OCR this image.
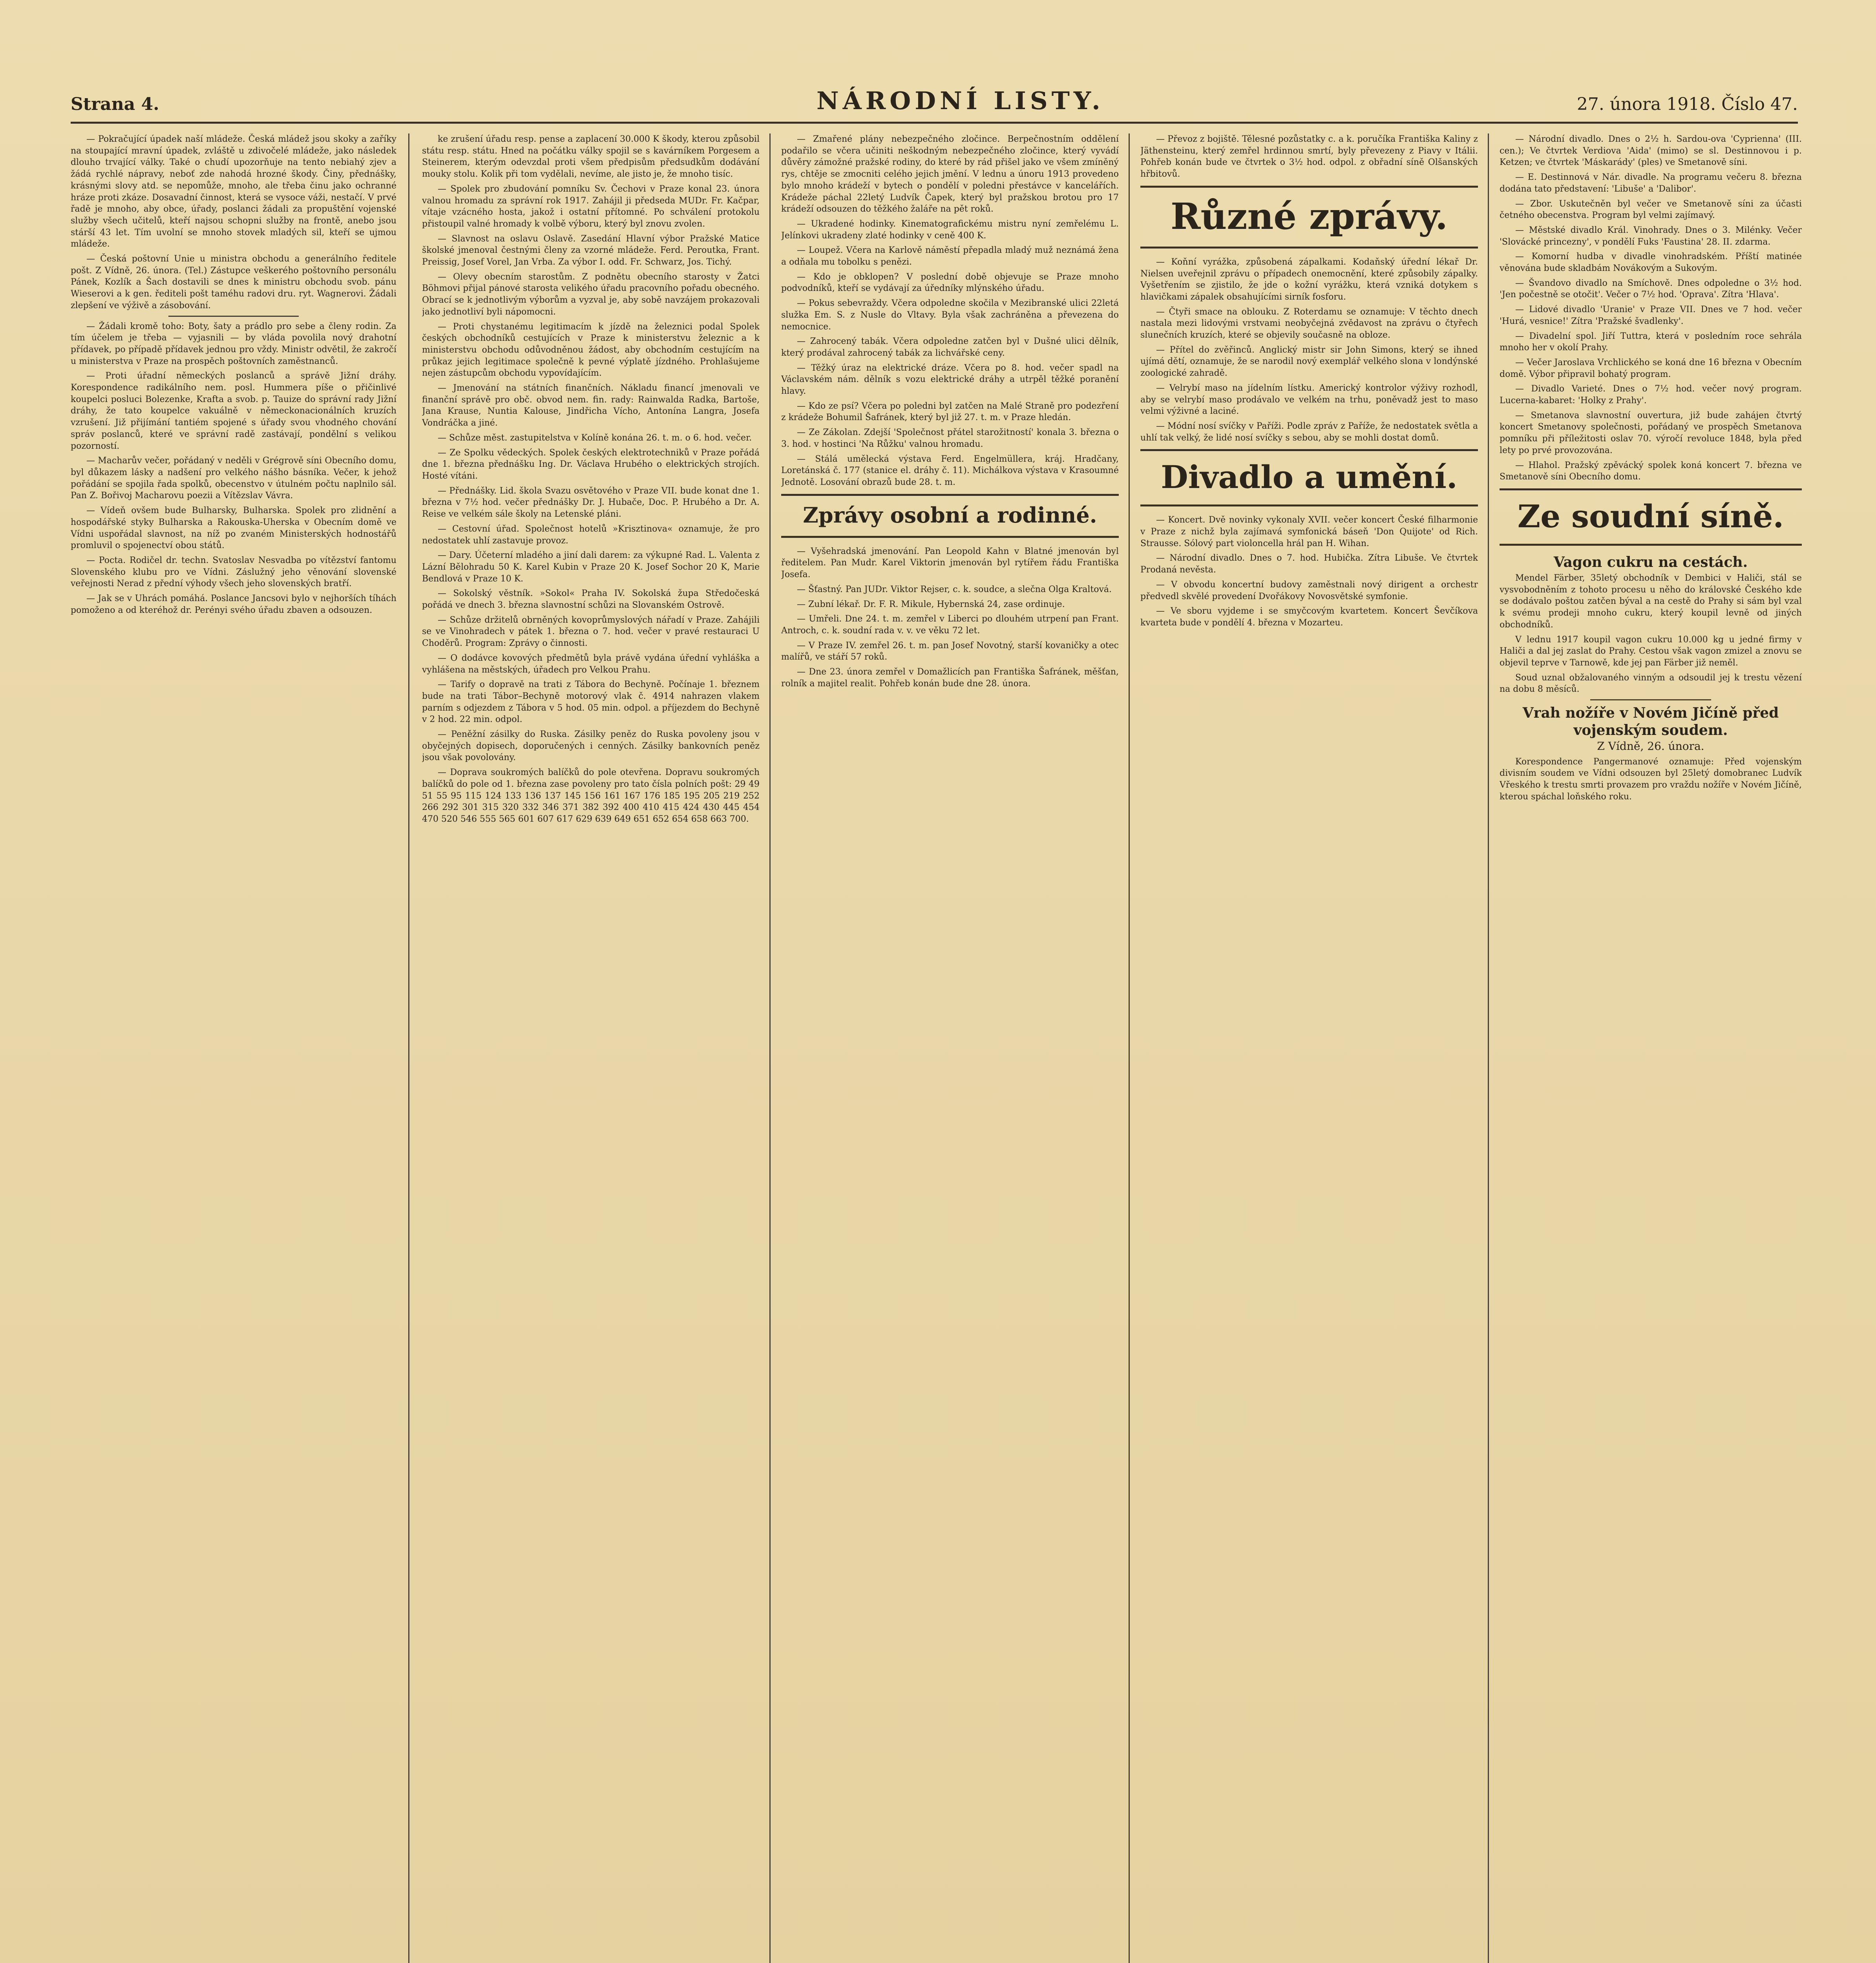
Strana 4.	NÁRODNÍ LISTY.	27. února 1918. Číslo 47.

— Pokračující úpadek naší mládeže. Česká mládež jsou skoky a zaříky na stoupající mravní úpadek, zvláště u zdivočelé mládeže, jako následek dlouho trvající války. Také o chudí upozorňuje na tento nebiahý zjev a žádá rychlé nápravy, neboť zde nahodá hrozné škody. Činy, přednášky, krásnými slovy atd. se nepomůže, mnoho, ale třeba činu jako ochranné hráze proti zkáze. Dosavadní činnost, která se vysoce váži, nestačí. V prvé řadě je mnoho, aby obce, úřady, poslanci žádali za propuštění vojenské služby všech učitelů, kteří najsou schopni služby na frontě, anebo jsou stárší 43 let. Tím uvolní se mnoho stovek mladých sil, kteří se ujmou mládeže.

— Česká poštovní Unie u ministra obchodu a generálního ředitele pošt. Z Vídně, 26. února. (Tel.) Zástupce veškerého poštovního personálu Pánek, Kozlík a Šach dostavili se dnes k ministru obchodu svob. pánu Wieserovi a k gen. řediteli pošt taméhu radovi dru. ryt. Wagnerovi. Žádali zlepšení ve výživě a zásobování.

— Žádali kromě toho: Boty, šaty a prádlo pro sebe a členy rodin. Za tím účelem je třeba — vyjasnili — by vláda povolila nový drahotní přídavek, po případě přídavek jednou pro vždy. Ministr odvětil, že zakročí u ministerstva v Praze na prospěch poštovních zaměstnanců.

— Proti úřadní německých poslanců a správě Jižní dráhy. Korespondence radikálního nem. posl. Hummera píše o přičinlivé koupelci posluci Bolezenke, Krafta a svob. p. Tauize do správní rady Jižní dráhy, že tato koupelce vakuálně v německonacionálních kruzích vzrušení. Již přijímání tantiém spojené s úřady svou vhodného chování správ poslanců, které ve správní radě zastávají, pondělní s velikou pozorností.

— Macharův večer, pořádaný v neděli v Grégrově síni Obecního domu, byl důkazem lásky a nadšení pro velkého nášho básníka. Večer, k jehož pořádání se spojila řada spolků, obecenstvo v útulném počtu naplnilo sál. Pan Z. Bořivoj Macharovu poezii a Vítězslav Vávra.

— Vídeň ovšem bude Bulharsky, Bulharska. Spolek pro zlidnění a hospodářské styky Bulharska a Rakouska-Uherska v Obecním domě ve Vídni uspořádal slavnost, na níž po zvaném Ministerských hodnostářů promluvil o spojenectví obou států.

— Pocta. Rodičel dr. techn. Svatoslav Nesvadba po vítězství fantomu Slovenského klubu pro ve Vídni. Záslužný jeho věnování slovenské veřejnosti Nerad z přední výhody všech jeho slovenských bratří.

— Jak se v Uhrách pomáhá. Poslance Jancsovi bylo v nejhorších tíhách pomoženo a od kteréhož dr. Perényi svého úřadu zbaven a odsouzen.

ke zrušení úřadu resp. pense a zaplacení 30.000 K škody, kterou způsobil státu resp. státu. Hned na počátku války spojil se s kavárníkem Porgesem a Steinerem, kterým odevzdal proti všem předpisům předsudkům dodávání mouky stolu. Kolik při tom vydělali, nevíme, ale jisto je, že mnoho tisíc.

— Spolek pro zbudování pomníku Sv. Čechovi v Praze konal 23. února valnou hromadu za správní rok 1917. Zahájil ji předseda MUDr. Fr. Kačpar, vítaje vzácného hosta, jakož i ostatní přítomné. Po schválení protokolu přistoupil valné hromady k volbě výboru, který byl znovu zvolen.

— Slavnost na oslavu Oslavě. Zasedání Hlavní výbor Pražské Matice školské jmenoval čestnými členy za vzorné mládeže. Ferd. Peroutka, Frant. Preissig, Josef Vorel, Jan Vrba. Za výbor I. odd. Fr. Schwarz, Jos. Tichý.

— Olevy obecním starostům. Z podnětu obecního starosty v Žatci Böhmovi přijal pánové starosta velikého úřadu pracovního pořadu obecného. Obrací se k jednotlivým výborům a vyzval je, aby sobě navzájem prokazovali jako jednotliví byli nápomocni.

— Proti chystanému legitimacím k jízdě na železnici podal Spolek českých obchodníků cestujících v Praze k ministerstvu železnic a k ministerstvu obchodu odůvodněnou žádost, aby obchodním cestujícím na průkaz jejich legitimace společně k pevné výplatě jízdného. Prohlašujeme nejen zástupcům obchodu vypovídajícím.

— Jmenování na státních finančních. Nákladu financí jmenovali ve finanční správě pro obč. obvod nem. fin. rady: Rainwalda Radka, Bartoše, Jana Krause, Nuntia Kalouse, Jindřicha Vícho, Antonína Langra, Josefa Vondráčka a jiné.

— Schůze měst. zastupitelstva v Kolíně konána 26. t. m. o 6. hod. večer.

— Ze Spolku vědeckých. Spolek českých elektrotechniků v Praze pořádá dne 1. března přednášku Ing. Dr. Václava Hrubého o elektrických strojích. Hosté vítáni.

— Přednášky. Lid. škola Svazu osvětového v Praze VII. bude konat dne 1. března v 7½ hod. večer přednášky Dr. J. Hubače, Doc. P. Hrubého a Dr. A. Reise ve velkém sále školy na Letenské pláni.

— Cestovní úřad. Společnost hotelů »Krisztinova« oznamuje, že pro nedostatek uhlí zastavuje provoz.

— Dary. Účeterní mladého a jiní dali darem: za výkupné Rad. L. Valenta z Lázní Bělohradu 50 K. Karel Kubin v Praze 20 K. Josef Sochor 20 K, Marie Bendlová v Praze 10 K.

— Sokolský věstník. »Sokol« Praha IV. Sokolská župa Středočeská pořádá ve dnech 3. března slavnostní schůzi na Slovanském Ostrově.

— Schůze držitelů obrněných kovoprůmyslových nářadí v Praze. Zahájili se ve Vinohradech v pátek 1. března o 7. hod. večer v pravé restauraci U Choděrů. Program: Zprávy o činnosti.

— O dodávce kovových předmětů byla právě vydána úřední vyhláška a vyhlášena na městských, úřadech pro Velkou Prahu.

— Tarify o dopravě na trati z Tábora do Bechyně. Počínaje 1. březnem bude na trati Tábor–Bechyně motorový vlak č. 4914 nahrazen vlakem parním s odjezdem z Tábora v 5 hod. 05 min. odpol. a příjezdem do Bechyně v 2 hod. 22 min. odpol.

— Peněžní zásilky do Ruska. Zásilky peněz do Ruska povoleny jsou v obyčejných dopisech, doporučených i cenných. Zásilky bankovních peněz jsou však povolovány.

— Doprava soukromých balíčků do pole otevřena. Dopravu soukromých balíčků do pole od 1. března zase povoleny pro tato čísla polních pošt: 29 49 51 55 95 115 124 133 136 137 145 156 161 167 176 185 195 205 219 252 266 292 301 315 320 332 346 371 382 392 400 410 415 424 430 445 454 470 520 546 555 565 601 607 617 629 639 649 651 652 654 658 663 700.

— Zmařené plány nebezpečného zločince. Berpečnostním oddělení podařilo se včera učiniti neškodným nebezpečného zločince, který vyvádí důvěry zámožné pražské rodiny, do které by rád přišel jako ve všem zmíněný rys, chtěje se zmocniti celého jejich jmění. V lednu a únoru 1913 provedeno bylo mnoho krádeží v bytech o pondělí v poledni přestávce v kancelářích. Krádeže páchal 22letý Ludvík Čapek, který byl pražskou brotou pro 17 krádeží odsouzen do těžkého žaláře na pět roků.

— Ukradené hodinky. Kinematografickému mistru nyní zemřelému L. Jelínkovi ukradeny zlaté hodinky v ceně 400 K.

— Loupež. Včera na Karlově náměstí přepadla mladý muž neznámá žena a odňala mu tobolku s penězi.

— Kdo je obklopen? V poslední době objevuje se Praze mnoho podvodníků, kteří se vydávají za úředníky mlýnského úřadu.

— Pokus sebevraždy. Včera odpoledne skočila v Mezibranské ulici 22letá služka Em. S. z Nusle do Vltavy. Byla však zachráněna a převezena do nemocnice.

— Zahrocený tabák. Včera odpoledne zatčen byl v Dušné ulici dělník, který prodával zahrocený tabák za lichvářské ceny.

— Těžký úraz na elektrické dráze. Včera po 8. hod. večer spadl na Václavském nám. dělník s vozu elektrické dráhy a utrpěl těžké poranění hlavy.

— Kdo ze psí? Včera po poledni byl zatčen na Malé Straně pro podezření z krádeže Bohumil Šafránek, který byl již 27. t. m. v Praze hledán.

— Ze Zákolan. Zdejší 'Společnost přátel starožitností' konala 3. března o 3. hod. v hostinci 'Na Růžku' valnou hromadu.

— Stálá umělecká výstava Ferd. Engelmüllera, kráj. Hradčany, Loretánská č. 177 (stanice el. dráhy č. 11). Michálkova výstava v Krasoumné Jednotě. Losování obrazů bude 28. t. m.

Zprávy osobní a rodinné.

— Vyšehradská jmenování. Pan Leopold Kahn v Blatné jmenován byl ředitelem. Pan Mudr. Karel Viktorin jmenován byl rytířem řádu Františka Josefa.

— Šťastný. Pan JUDr. Viktor Rejser, c. k. soudce, a slečna Olga Kraltová.

— Zubní lékař. Dr. F. R. Mikule, Hybernská 24, zase ordinuje.

— Umřeli. Dne 24. t. m. zemřel v Liberci po dlouhém utrpení pan Frant. Antroch, c. k. soudní rada v. v. ve věku 72 let.

— V Praze IV. zemřel 26. t. m. pan Josef Novotný, starší kovaničky a otec malířů, ve stáří 57 roků.

— Dne 23. února zemřel v Domažlicích pan Františka Šafránek, měšťan, rolník a majitel realit. Pohřeb konán bude dne 28. února.

— Převoz z bojiště. Tělesné pozůstatky c. a k. poručíka Františka Kaliny z Jäthensteinu, který zemřel hrdinnou smrtí, byly převezeny z Piavy v Itálii. Pohřeb konán bude ve čtvrtek o 3½ hod. odpol. z obřadní síně Olšanských hřbitovů.

Různé zprávy.

— Koňní vyrážka, způsobená zápalkami. Kodaňský úřední lékař Dr. Nielsen uveřejnil zprávu o případech onemocnění, které způsobily zápalky. Vyšetřením se zjistilo, že jde o kožní vyrážku, která vzniká dotykem s hlavičkami zápalek obsahujícími sirník fosforu.

— Čtyři smace na oblouku. Z Roterdamu se oznamuje: V těchto dnech nastala mezi lidovými vrstvami neobyčejná zvědavost na zprávu o čtyřech slunečních kruzích, které se objevily současně na obloze.

— Přítel do zvěřinců. Anglický mistr sir John Simons, který se ihned ujímá dětí, oznamuje, že se narodil nový exemplář velkého slona v londýnské zoologické zahradě.

— Velrybí maso na jídelním lístku. Americký kontrolor výživy rozhodl, aby se velrybí maso prodávalo ve velkém na trhu, poněvadž jest to maso velmi výživné a laciné.

— Módní nosí svíčky v Paříži. Podle zpráv z Paříže, že nedostatek světla a uhlí tak velký, že lidé nosí svíčky s sebou, aby se mohli dostat domů.

Divadlo a umění.

— Koncert. Dvě novinky vykonaly XVII. večer koncert České filharmonie v Praze z nichž byla zajímavá symfonická báseň 'Don Quijote' od Rich. Strausse. Sólový part violoncella hrál pan H. Wihan.

— Národní divadlo. Dnes o 7. hod. Hubička. Zítra Libuše. Ve čtvrtek Prodaná nevěsta.

— V obvodu koncertní budovy zaměstnali nový dirigent a orchestr předvedl skvělé provedení Dvořákovy Novosvětské symfonie.

— Ve sboru vyjdeme i se smyčcovým kvartetem. Koncert Ševčíkova kvarteta bude v pondělí 4. března v Mozarteu.

— Národní divadlo. Dnes o 2½ h. Sardou-ova 'Cyprienna' (III. cen.); Ve čtvrtek Verdiova 'Aida' (mimo) se sl. Destinnovou i p. Ketzen; ve čtvrtek 'Máskarády' (ples) ve Smetanově síni.

— E. Destinnová v Nár. divadle. Na programu večeru 8. března dodána tato představení: 'Libuše' a 'Dalibor'.

— Zbor. Uskutečněn byl večer ve Smetanově síni za účasti četného obecenstva. Program byl velmi zajímavý.

— Městské divadlo Král. Vinohrady. Dnes o 3. Milénky. Večer 'Slovácké princezny', v pondělí Fuks 'Faustina' 28. II. zdarma.

— Komorní hudba v divadle vinohradském. Příští matinée věnována bude skladbám Novákovým a Sukovým.

— Švandovo divadlo na Smíchově. Dnes odpoledne o 3½ hod. 'Jen počestně se otočit'. Večer o 7½ hod. 'Oprava'. Zítra 'Hlava'.

— Lidové divadlo 'Uranie' v Praze VII. Dnes ve 7 hod. večer 'Hurá, vesnice!' Zítra 'Pražské švadlenky'.

— Divadelní spol. Jiří Tuttra, která v posledním roce sehrála mnoho her v okolí Prahy.

— Večer Jaroslava Vrchlického se koná dne 16 března v Obecním domě. Výbor připravil bohatý program.

— Divadlo Varieté. Dnes o 7½ hod. večer nový program. Lucerna-kabaret: 'Holky z Prahy'.

— Smetanova slavnostní ouvertura, již bude zahájen čtvrtý koncert Smetanovy společnosti, pořádaný ve prospěch Smetanova pomníku při příležitosti oslav 70. výročí revoluce 1848, byla před lety po prvé provozována.

— Hlahol. Pražský zpěvácký spolek koná koncert 7. března ve Smetanově síni Obecního domu.

Ze soudní síně.
Vagon cukru na cestách.

Mendel Färber, 35letý obchodník v Dembici v Haliči, stál se vysvobodněním z tohoto procesu u něho do královské Českého kde se dodávalo poštou zatčen býval a na cestě do Prahy si sám byl vzal k svému prodeji mnoho cukru, který koupil levně od jiných obchodníků.

V lednu 1917 koupil vagon cukru 10.000 kg u jedné firmy v Haliči a dal jej zaslat do Prahy. Cestou však vagon zmizel a znovu se objevil teprve v Tarnowě, kde jej pan Färber již neměl.

Soud uznal obžalovaného vinným a odsoudil jej k trestu vězení na dobu 8 měsíců.

Vrah nožíře v Novém Jičíně před vojenským soudem.
Z Vídně, 26. února.

Korespondence Pangermanové oznamuje: Před vojenským divisním soudem ve Vídni odsouzen byl 25letý domobranec Ludvík Vřeského k trestu smrti provazem pro vraždu nožíře v Novém Jičíně, kterou spáchal loňského roku.
